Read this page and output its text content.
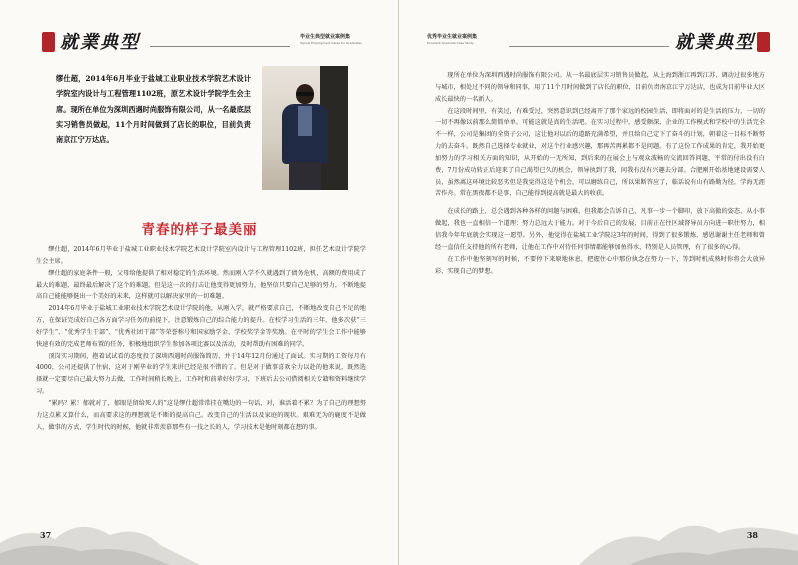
就業典型	毕业生典型就业案例集
Typical Employment Cases for Graduates
缪仕超，2014年6月毕业于盐城工业职业技术学院艺术设计学院室内设计与工程管理1102班，原艺术设计学院学生会主席。现所在单位为深圳西遇时尚服饰有限公司，从一名最底层实习销售员做起，11个月时间做到了店长的职位，目前负责南京江宁万达店。
青春的样子最美丽

缪仕超，2014年6月毕业于盐城工业职业技术学院艺术设计学院室内设计与工程管理1102班，担任艺术设计学院学生会主席。

缪仕超的家庭条件一般，父母给他提供了相对稳定的生活环境。然而刚入学不久就遇到了债务危机，高额的费用成了最大的难题，最终最后解决了这个的难题。但是这一次的打击让他变得更加努力，他坚信只要自己足够的努力，不断地提高自己能能够挺出一个美好的未来，这样就可以解决家里的一切难题。

2014年6月毕业于盐城工业职业技术学院艺术设计学院的他，从刚入学，就严格要求自己，不断地改变自己不足的地方，在保证完成好自己各方面学习任务的前提下，注意锻炼自己的综合能力的提升。在校学习生活的三年，他多次获“三好学生”、“优秀学生干部”、“优秀社团干部”等荣誉称号和国家励学金、学校奖学金等奖励。在平时的学生会工作中能够快速有效的完成老师布置的任务，积极地组织学生参加各项比赛以及活动，及时帮助有困难的同学。

顶岗实习期间，抱着试试看的态度投了深圳西遇时尚服饰简历，并于14年12月份通过了面试。实习期的工资每月有4000，公司还提供了住宿，这对于刚毕业的学生来讲已经是很不错的了。但是对于做事喜欢全力以赴的他来说，既然选择就一定要尽自己最大努力去做，工作时间稍长晚上，工作时和前辈好好学习，下班后去公司借阅相关专籍和资料继续学习。

“累吗？累！郁就对了，郁眼是留给死人的”这是缪仕超常常挂在嘴边的一句话，对，谁活着不累？为了自己的理想努力这点累又算什么，而高要求这的理想就是不断的提高自己。改变自己的生活以及家庭的现状。艰难无为的鹿度不是做人，做事的方式，学生时代的时候，他就非常羡慕那些有一技之长的人，学习技术是他时刻都在想的事。

37
优秀毕业生就业案例集
Excellent Graduate Case Study	就業典型

现所在单位为深圳西遇时尚服饰有限公司。从一名最底层实习销售员做起，从上海到浙江再到江苏，调动过很多地方与城市，相处过不同的领导和同事，用了11个月时间做到了店长的职位，目前负责南京江宁万达店，也成为目前毕业大区成长最快的一名新人。

在这段时间里，有笑过，有难受过，突然意识到已经离开了那个家远的校园生活，即将面对的是生活的压力，一切的一切不再像以前那么简简单单，可能这就是真的生活吧。在实习过程中，感受颇深，企业的工作模式和学校中的生活完全不一样，公司是集团的全资子公司，这让他对以后的道路充满希望，并且给自己定下了奋斗的计划，朝着这一目标不断努力的去奋斗。既然自己选择专业就业，对这个行业感兴趣，那再苦再累都不是问题。有了这份工作成果的肯定，我开始更加努力的学习相关方面的知识，从开始的一无所知，到后来的在展会上与观众波畅的交流回答问题，平常的付出没有白费，7月份成功转正后迎来了自己渴望已久的机会，领导执到了我，问我有没有兴趣去分部。合肥刚开始基地建设需要人员，虽然离这环境比较恶劣但是我觉得这是个机会，可以磨练自己，所以果断答应了，临话说有山有路勤为径，学海无涯苦作舟。常在黑夜都不是事，自己能得到提高就是最大的收获。

在成长的路上，总会遇到各种各样的问题与困难，但我都会告诉自己，凡事一步一个脚印，放下高傲的姿态，从小事做起，我也一直相信一个道理：努力总远大于能力。对于今后自己的发展，目前正在往区域督导员方向进一职往努力，相信我今年年底就会实现这一愿望。另外，他觉得在盐城工业学院这3年的时间，得到了很多锻炼，感恩谢谢主任老师和曾经一直信任支持他的所有老师，让他在工作中对待任何事情都能够加鱼得水，特别是人员管理，有了很多的心得。

在工作中他坚刻写的时候，不要停下来原地休息，把握住心中那份执念在努力一下，等到时机成熟时你将会大放异彩，实现自己的梦想。

38
